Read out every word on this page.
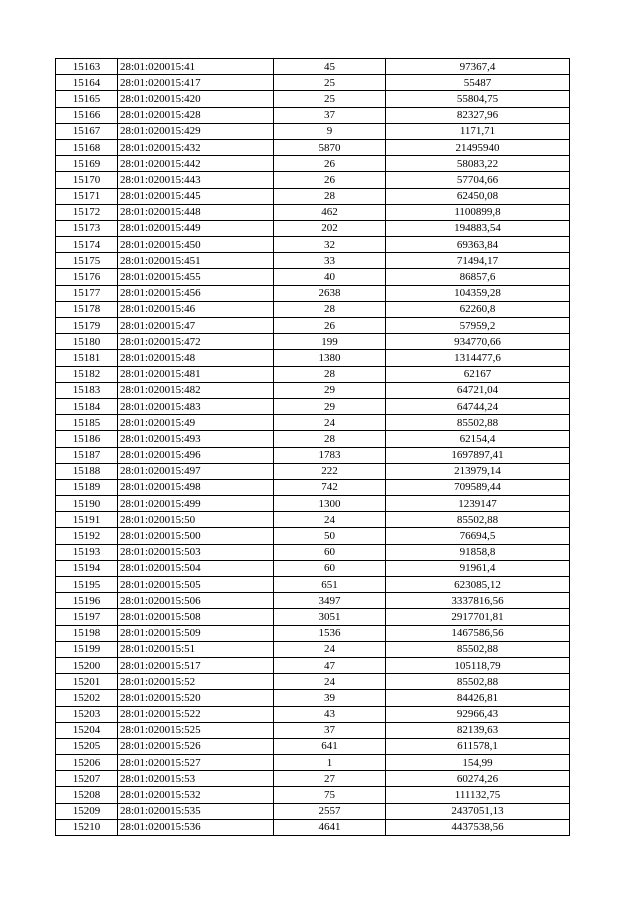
15163	28:01:020015:41	45	97367,4
15164	28:01:020015:417	25	55487
15165	28:01:020015:420	25	55804,75
15166	28:01:020015:428	37	82327,96
15167	28:01:020015:429	9	1171,71
15168	28:01:020015:432	5870	21495940
15169	28:01:020015:442	26	58083,22
15170	28:01:020015:443	26	57704,66
15171	28:01:020015:445	28	62450,08
15172	28:01:020015:448	462	1100899,8
15173	28:01:020015:449	202	194883,54
15174	28:01:020015:450	32	69363,84
15175	28:01:020015:451	33	71494,17
15176	28:01:020015:455	40	86857,6
15177	28:01:020015:456	2638	104359,28
15178	28:01:020015:46	28	62260,8
15179	28:01:020015:47	26	57959,2
15180	28:01:020015:472	199	934770,66
15181	28:01:020015:48	1380	1314477,6
15182	28:01:020015:481	28	62167
15183	28:01:020015:482	29	64721,04
15184	28:01:020015:483	29	64744,24
15185	28:01:020015:49	24	85502,88
15186	28:01:020015:493	28	62154,4
15187	28:01:020015:496	1783	1697897,41
15188	28:01:020015:497	222	213979,14
15189	28:01:020015:498	742	709589,44
15190	28:01:020015:499	1300	1239147
15191	28:01:020015:50	24	85502,88
15192	28:01:020015:500	50	76694,5
15193	28:01:020015:503	60	91858,8
15194	28:01:020015:504	60	91961,4
15195	28:01:020015:505	651	623085,12
15196	28:01:020015:506	3497	3337816,56
15197	28:01:020015:508	3051	2917701,81
15198	28:01:020015:509	1536	1467586,56
15199	28:01:020015:51	24	85502,88
15200	28:01:020015:517	47	105118,79
15201	28:01:020015:52	24	85502,88
15202	28:01:020015:520	39	84426,81
15203	28:01:020015:522	43	92966,43
15204	28:01:020015:525	37	82139,63
15205	28:01:020015:526	641	611578,1
15206	28:01:020015:527	1	154,99
15207	28:01:020015:53	27	60274,26
15208	28:01:020015:532	75	111132,75
15209	28:01:020015:535	2557	2437051,13
15210	28:01:020015:536	4641	4437538,56
